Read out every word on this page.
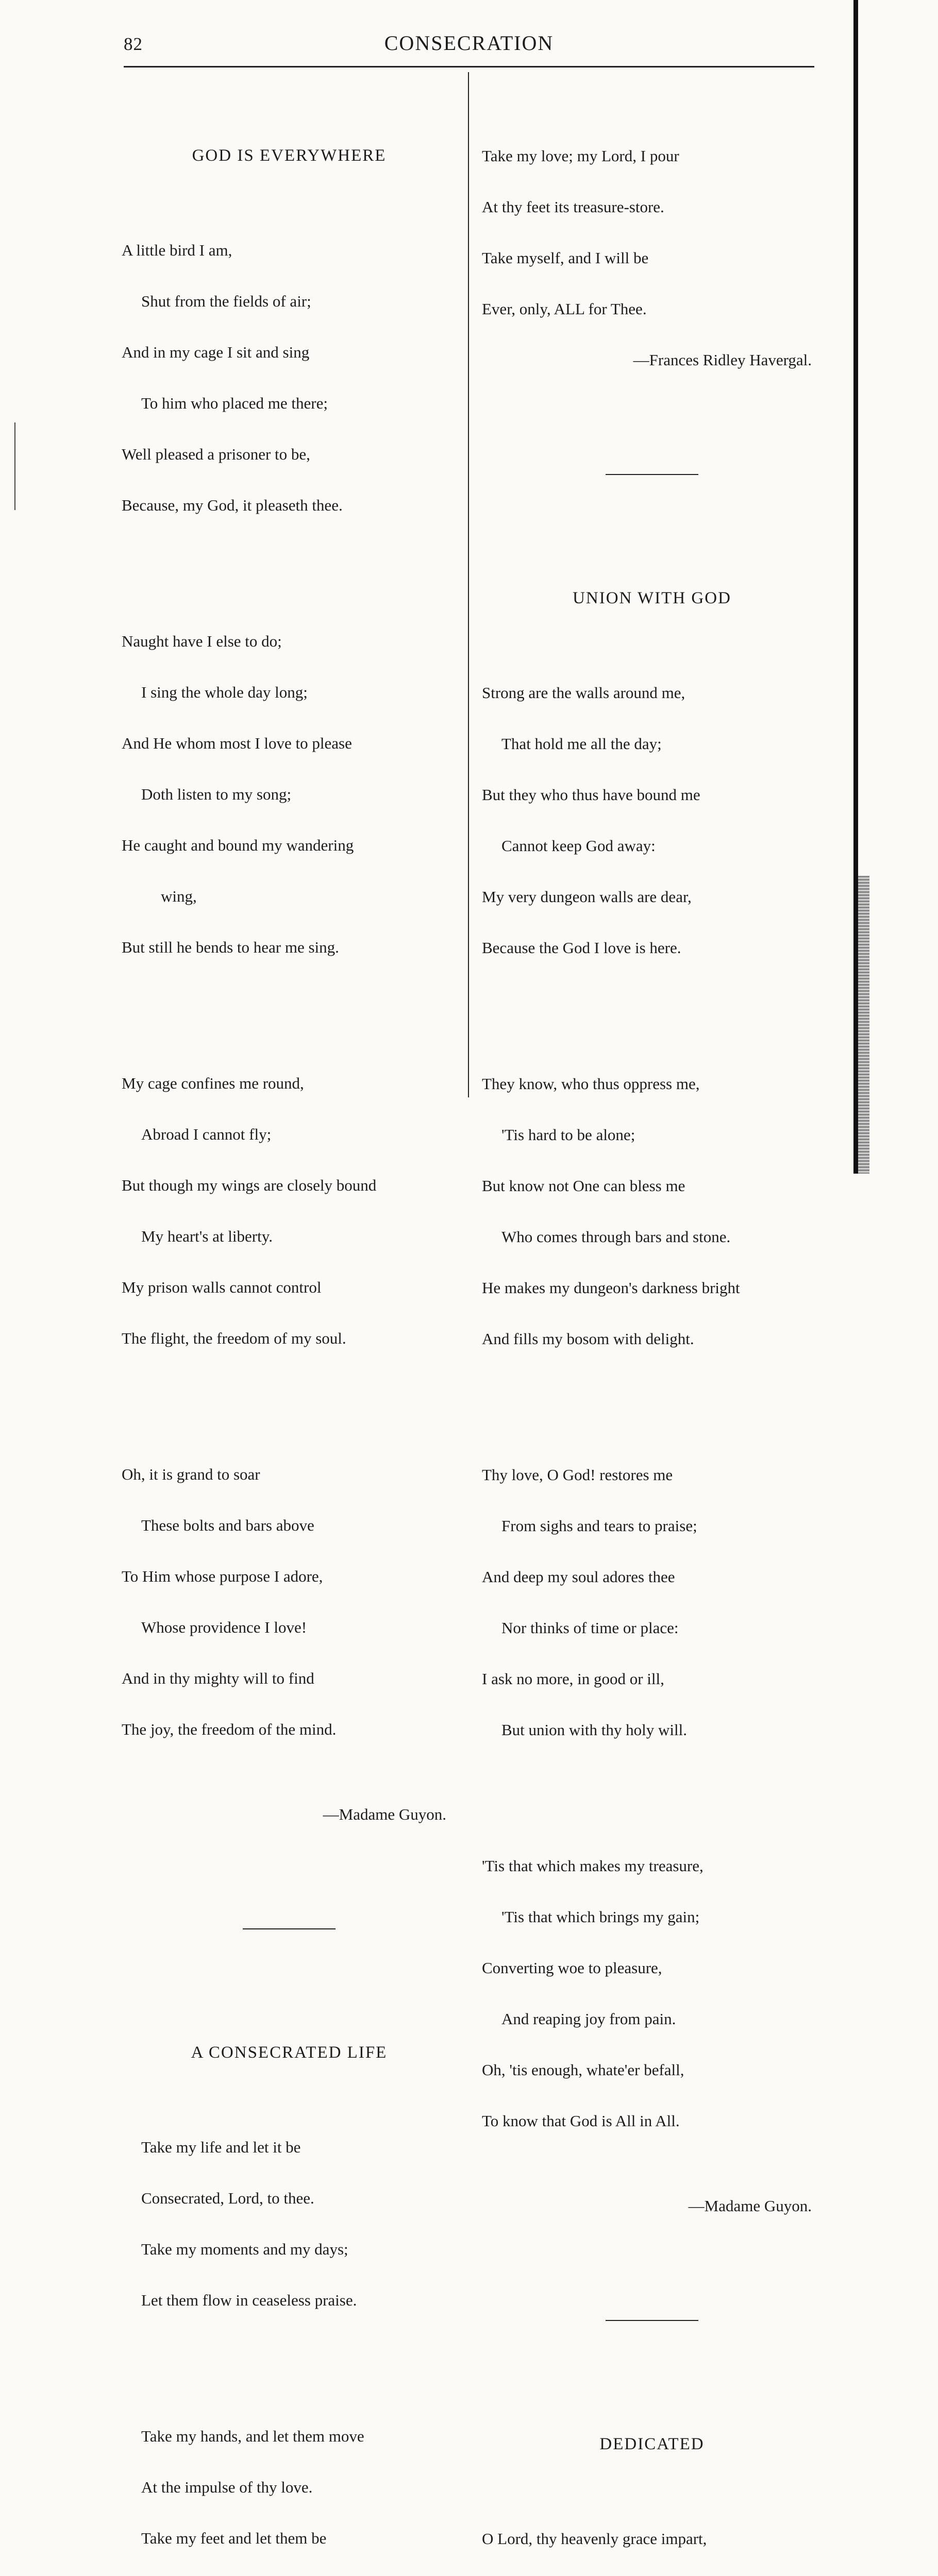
82	CONSECRATION

GOD IS EVERYWHERE

A little bird I am,

Shut from the fields of air;

And in my cage I sit and sing

To him who placed me there;

Well pleased a prisoner to be,

Because, my God, it pleaseth thee.

Naught have I else to do;

I sing the whole day long;

And He whom most I love to please

Doth listen to my song;

He caught and bound my wandering

wing,

But still he bends to hear me sing.

My cage confines me round,

Abroad I cannot fly;

But though my wings are closely bound

My heart's at liberty.

My prison walls cannot control

The flight, the freedom of my soul.

Oh, it is grand to soar

These bolts and bars above

To Him whose purpose I adore,

Whose providence I love!

And in thy mighty will to find

The joy, the freedom of the mind.

—Madame Guyon.

A CONSECRATED LIFE

Take my life and let it be

Consecrated, Lord, to thee.

Take my moments and my days;

Let them flow in ceaseless praise.

Take my hands, and let them move

At the impulse of thy love.

Take my feet and let them be

Take my love; my Lord, I pour

At thy feet its treasure-store.

Take myself, and I will be

Ever, only, ALL for Thee.

—Frances Ridley Havergal.

UNION WITH GOD

Strong are the walls around me,

That hold me all the day;

But they who thus have bound me

Cannot keep God away:

My very dungeon walls are dear,

Because the God I love is here.

They know, who thus oppress me,

'Tis hard to be alone;

But know not One can bless me

Who comes through bars and stone.

He makes my dungeon's darkness bright

And fills my bosom with delight.

Thy love, O God! restores me

From sighs and tears to praise;

And deep my soul adores thee

Nor thinks of time or place:

I ask no more, in good or ill,

But union with thy holy will.

'Tis that which makes my treasure,

'Tis that which brings my gain;

Converting woe to pleasure,

And reaping joy from pain.

Oh, 'tis enough, whate'er befall,

To know that God is All in All.

—Madame Guyon.

DEDICATED

O Lord, thy heavenly grace impart,
